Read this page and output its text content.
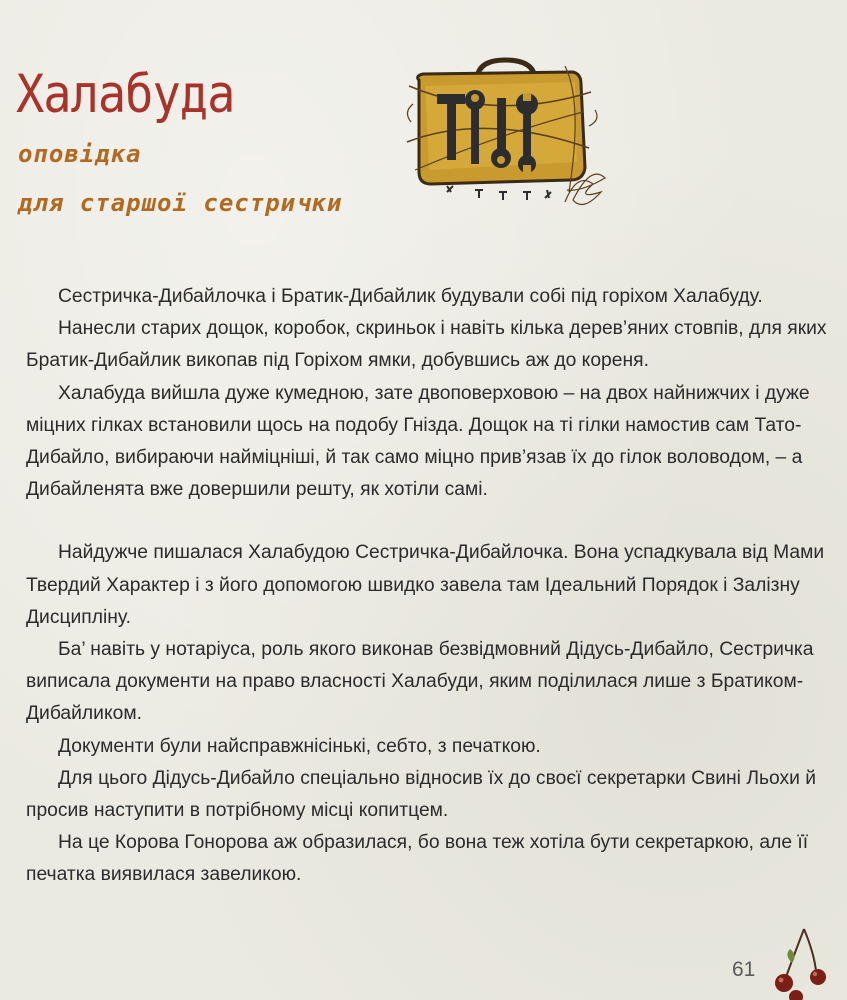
Халабуда

оповідка

для старшої сестрички

Сестричка-Дибайлочка і Братик-Дибайлик будували собі під горіхом Халабуду.

Нанесли старих дощок, коробок, скриньок і навіть кілька дерев’яних стовпів, для яких Братик-Дибайлик викопав під Горіхом ямки, добувшись аж до кореня.

Халабуда вийшла дуже кумедною, зате двоповерховою – на двох найнижчих і дуже міцних гілках встановили щось на подобу Гнізда. Дощок на ті гілки намостив сам Тато-Дибайло, вибираючи найміцніші, й так само міцно прив’язав їх до гілок воловодом, – а Дибайленята вже довершили решту, як хотіли самі.

Найдужче пишалася Халабудою Сестричка-Дибайлочка. Вона успадкувала від Мами Твердий Характер і з його допомогою швидко завела там Ідеальний Порядок і Залізну Дисципліну.

Ба’ навіть у нотаріуса, роль якого виконав безвідмовний Дідусь-Дибайло, Сестричка виписала документи на право власності Халабуди, яким поділилася лише з Братиком-Дибайликом.

Документи були найсправжнісінькі, себто, з печаткою.

Для цього Дідусь-Дибайло спеціально відносив їх до своєї секретарки Свині Льохи й просив наступити в потрібному місці копитцем.

На це Корова Гоноровa аж образилася, бо вона теж хотіла бути секретаркою, але її печатка виявилася завеликою.

61
